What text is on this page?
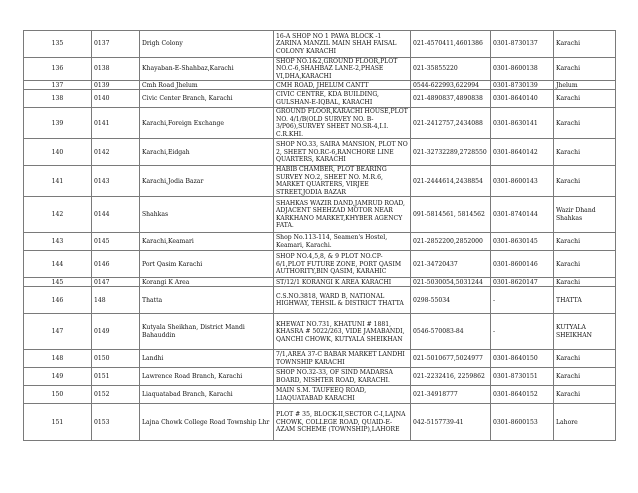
135	0137	Drigh Colony	16-A SHOP NO 1 PAWA BLOCK -1 ZARINA MANZIL MAIN SHAH FAISAL COLONY KARACHI	021-4570411,4601386	0301-8730137	Karachi
136	0138	Khayaban-E-Shahbaz,Karachi	SHOP NO.1&2,GROUND FLOOR,PLOT NO.C-6,SHAHBAZ LANE-2,PHASE VI,DHA,KARACHI	021-35855220	0301-8600138	Karachi
137	0139	Cmh Road Jhelum	CMH ROAD, JHELUM CANTT	0544-622993,622994	0301-8730139	Jhelum
138	0140	Civic Center Branch, Karachi	CIVIC CENTRE, KDA BUILDING, GULSHAN-E-IQBAL, KARACHI	021-4890837,4890838	0301-8640140	Karachi
139	0141	Karachi,Foreign Exchange	GROUND FLOOR,KARACHI HOUSE,PLOT NO. 4/1/B(OLD SURVEY NO. B-3/P06),SURVEY SHEET NO.SR-4,I.I. C.R.KHI.	021-2412757,2434088	0301-8630141	Karachi
140	0142	Karachi,Eidgah	SHOP NO.33, SAIRA MANSION, PLOT NO 2, SHEET NO.RC-6,RANCHORE LINE QUARTERS, KARACHI	021-32732289,2728550	0301-8640142	Karachi
141	0143	Karachi,Jodia Bazar	HABIB CHAMBER, PLOT BEARING SURVEY NO.2, SHEET NO. M.R.6, MARKET QUARTERS, VIRJEE STREET,JODIA BAZAR	021-2444614,2438854	0301-8600143	Karachi
142	0144	Shahkas	SHAHKAS WAZIR DAND,JAMRUD ROAD, ADJACENT SHEHZAD MOTOR NEAR KARKHANO MARKET,KHYBER AGENCY FATA.	091-5814561, 5814562	0301-8740144	Wazir Dhand Shahkas
143	0145	Karachi,Keamari	Shop No.113-114, Seamen's Hostel, Keamari, Karachi.	021-2852200,2852000	0301-8630145	Karachi
144	0146	Port Qasim Karachi	SHOP NO.4,5,8, & 9 PLOT NO.CP-6/1,PLOT FUTURE ZONE, PORT QASIM AUTHORITY,BIN QASIM, KARAHIC	021-34720437	0301-8600146	Karachi
145	0147	Korangi K Area	ST/12/1 KORANGI K AREA KARACHI	021-5030054,5031244	0301-8620147	Karachi
146	148	Thatta	C.S.NO.3818, WARD B, NATIONAL HIGHWAY, TEHSIL & DISTRICT THATTA	0298-55034	-	THATTA
147	0149	Kutyala Sheikhan, District Mandi Bahauddin	KHEWAT NO.731, KHATUNI # 1881, KHASRA # 5022/263, VIDE JAMABANDI, QANCHI CHOWK, KUTYALA SHEIKHAN	0546-570083-84	-	KUTYALA SHEIKHAN
148	0150	Landhi	7/1,AREA 37-C BABAR MARKET LANDHI TOWNSHIP KARACHI	021-5010677,5024977	0301-8640150	Karachi
149	0151	Lawrence Road Branch, Karachi	SHOP NO.32-33, OF SIND MADARSA BOARD, NISHTER ROAD, KARACHI.	021-2232416, 2259862	0301-8730151	Karachi
150	0152	Liaquatabad Branch, Karachi	MAIN S.M. TAUFEEQ ROAD, LIAQUATABAD KARACHI	021-34918777	0301-8640152	Karachi
151	0153	Lajna Chowk College Road Township Lhr	PLOT # 35, BLOCK-II,SECTOR C-I,LAJNA CHOWK, COLLEGE ROAD, QUAID-E-AZAM SCHEME (TOWNSHIP),LAHORE	042-5157739-41	0301-8600153	Lahore
